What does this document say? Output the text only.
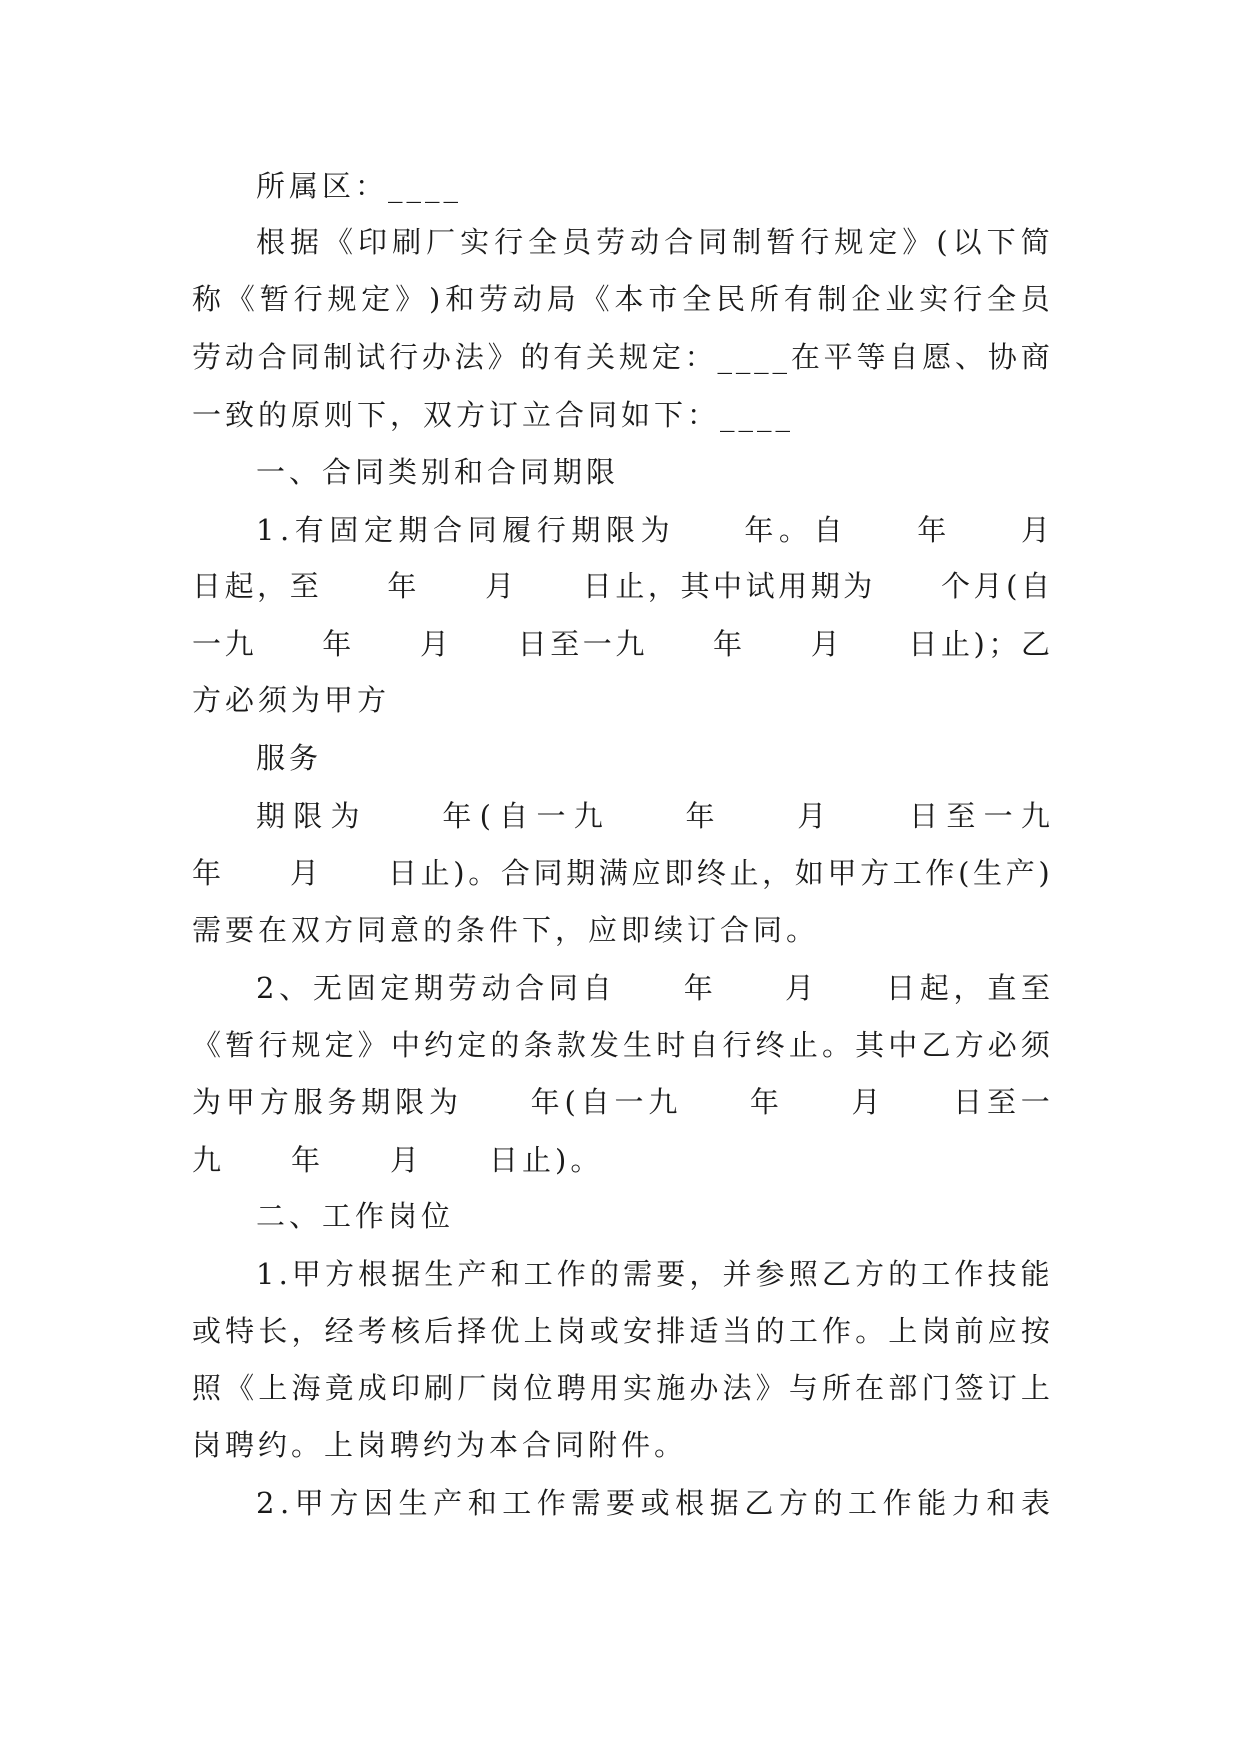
所属区：____
根 据 《 印 刷 厂 实 行 全 员 劳 动 合 同 制 暂 行 规 定 》 ( 以 下 简
称 《 暂 行 规 定 》 ) 和 劳 动 局 《 本 市 全 民 所 有 制 企 业 实 行 全 员
劳 动 合 同 制 试 行 办 法 》 的 有 关 规 定 ： _ _ _ _ 在 平 等 自 愿 、 协 商
一致的原则下，双方订立合同如下：____
一、合同类别和合同期限
1 . 有 固 定 期 合 同 履 行 期 限 为

　	年 。 自

　	年

　	月
日 起 ， 至

　 年

　 月

　 日 止 ， 其 中 试 用 期 为

　 个 月 ( 自
一 九

　 年

　 月

　 日 至 一 九

　 年

　 月

　 日 止 ) ； 乙
方必须为甲方
服务
期 限 为

　	年 ( 自 一 九

　	年

　	月

　	日 至 一 九
年

　 月

　 日 止 ) 。 合 同 期 满 应 即 终 止 ， 如 甲 方 工 作 ( 生 产 )
需要在双方同意的条件下，应即续订合同。
2 、 无 固 定 期 劳 动 合 同 自

　 年

　 月

　 日 起 ， 直 至
《 暂 行 规 定 》 中 约 定 的 条 款 发 生 时 自 行 终 止 。 其 中 乙 方 必 须
为 甲 方 服 务 期 限 为

　	年 ( 自 一 九

　	年

　	月

　	日 至 一
九　　年　　月　　日止)。
二、工作岗位
1 . 甲 方 根 据 生 产 和 工 作 的 需 要 ， 并 参 照 乙 方 的 工 作 技 能
或 特 长 ， 经 考 核 后 择 优 上 岗 或 安 排 适 当 的 工 作 。 上 岗 前 应 按
照 《 上 海 竟 成 印 刷 厂 岗 位 聘 用 实 施 办 法 》 与 所 在 部 门 签 订 上
岗聘约。上岗聘约为本合同附件。
2 . 甲 方 因 生 产 和 工 作 需 要 或 根 据 乙 方 的 工 作 能 力 和 表
